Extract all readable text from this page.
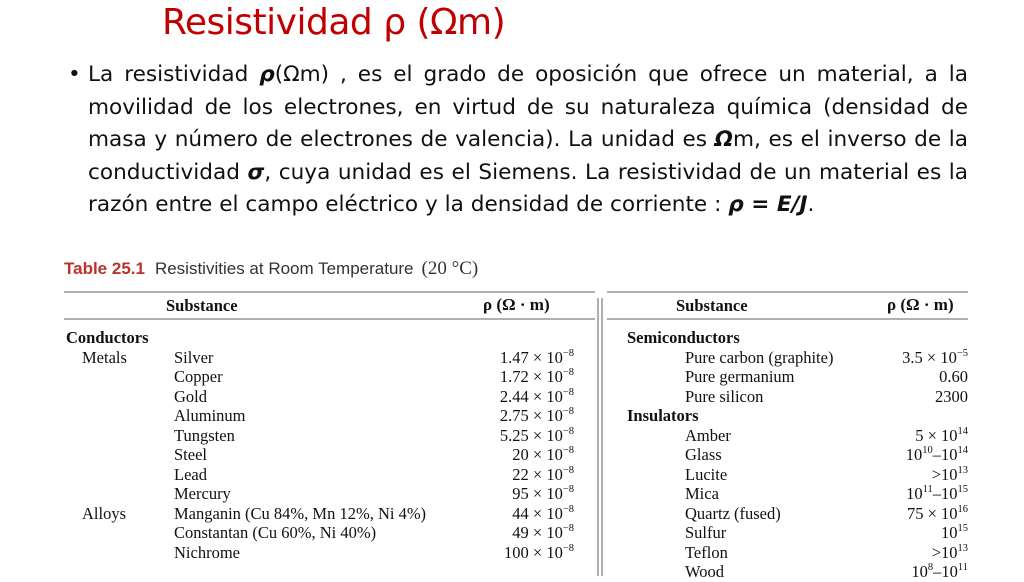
Resistividad ρ (Ωm)
• La resistividad ρ(Ωm) , es el grado de oposición que ofrece un material, a la movilidad de los electrones, en virtud de su naturaleza química (densidad de masa y número de electrones de valencia). La unidad es Ωm, es el inverso de la conductividad σ, cuya unidad es el Siemens. La resistividad de un material es la razón entre el campo eléctrico y la densidad de corriente : ρ = E/J.
Table 25.1 Resistivities at Room Temperature (20 °C)
Substance	ρ (Ω · m)	Substance	ρ (Ω · m)
Conductors
Metals	Silver	$1.47 \times 10^{-8}$
Copper	$1.72 \times 10^{-8}$
Gold	$2.44 \times 10^{-8}$
Aluminum	$2.75 \times 10^{-8}$
Tungsten	$5.25 \times 10^{-8}$
Steel	$20 \times 10^{-8}$
Lead	$22 \times 10^{-8}$
Mercury	$95 \times 10^{-8}$
Alloys	Manganin (Cu 84%, Mn 12%, Ni 4%)	$44 \times 10^{-8}$
Constantan (Cu 60%, Ni 40%)	$49 \times 10^{-8}$
Nichrome	$100 \times 10^{-8}$
Semiconductors
Pure carbon (graphite)	$3.5 \times 10^{-5}$
Pure germanium	0.60
Pure silicon	2300
Insulators
Amber	$5 \times 10^{14}$
Glass	$10^{10}-10^{14}$
Lucite	$>10^{13}$
Mica	$10^{11}-10^{15}$
Quartz (fused)	$75 \times 10^{16}$
Sulfur	$10^{15}$
Teflon	$>10^{13}$
Wood	$10^8-10^{11}$
